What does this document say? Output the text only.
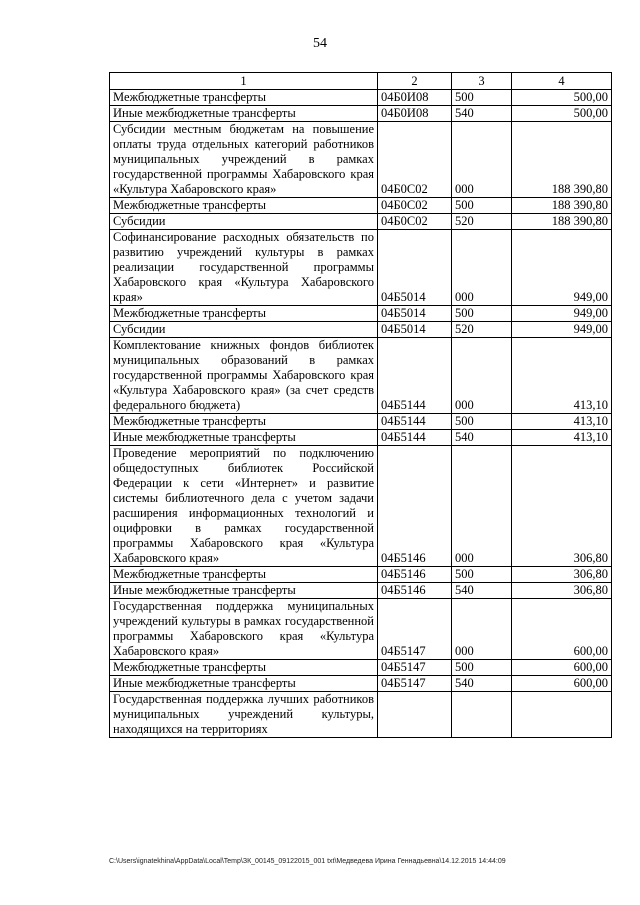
54
1	2	3	4
Межбюджетные трансферты	04Б0И08	500	500,00
Иные межбюджетные трансферты	04Б0И08	540	500,00
Субсидии местным бюджетам на повышение оплаты труда отдельных категорий работников муниципальных учреждений в рамках государственной программы Хабаровского края «Культура Хабаровского края»	04Б0С02	000	188 390,80
Межбюджетные трансферты	04Б0С02	500	188 390,80
Субсидии	04Б0С02	520	188 390,80
Софинансирование расходных обязательств по развитию учреждений культуры в рамках реализации государственной программы Хабаровского края «Культура Хабаровского края»	04Б5014	000	949,00
Межбюджетные трансферты	04Б5014	500	949,00
Субсидии	04Б5014	520	949,00
Комплектование книжных фондов библиотек муниципальных образований в рамках государственной программы Хабаровского края «Культура Хабаровского края» (за счет средств федерального бюджета)	04Б5144	000	413,10
Межбюджетные трансферты	04Б5144	500	413,10
Иные межбюджетные трансферты	04Б5144	540	413,10
Проведение мероприятий по подключению общедоступных библиотек Российской Федерации к сети «Интернет» и развитие системы библиотечного дела с учетом задачи расширения информационных технологий и оцифровки в рамках государственной программы Хабаровского края «Культура Хабаровского края»	04Б5146	000	306,80
Межбюджетные трансферты	04Б5146	500	306,80
Иные межбюджетные трансферты	04Б5146	540	306,80
Государственная поддержка муниципальных учреждений культуры в рамках государственной программы Хабаровского края «Культура Хабаровского края»	04Б5147	000	600,00
Межбюджетные трансферты	04Б5147	500	600,00
Иные межбюджетные трансферты	04Б5147	540	600,00
Государственная поддержка лучших работников муниципальных учреждений культуры, находящихся на территориях			
C:\Users\ignatekhina\AppData\Local\Temp\ЗК_00145_09122015_001 txt\Медведева Ирина Геннадьевна\14.12.2015 14:44:09
